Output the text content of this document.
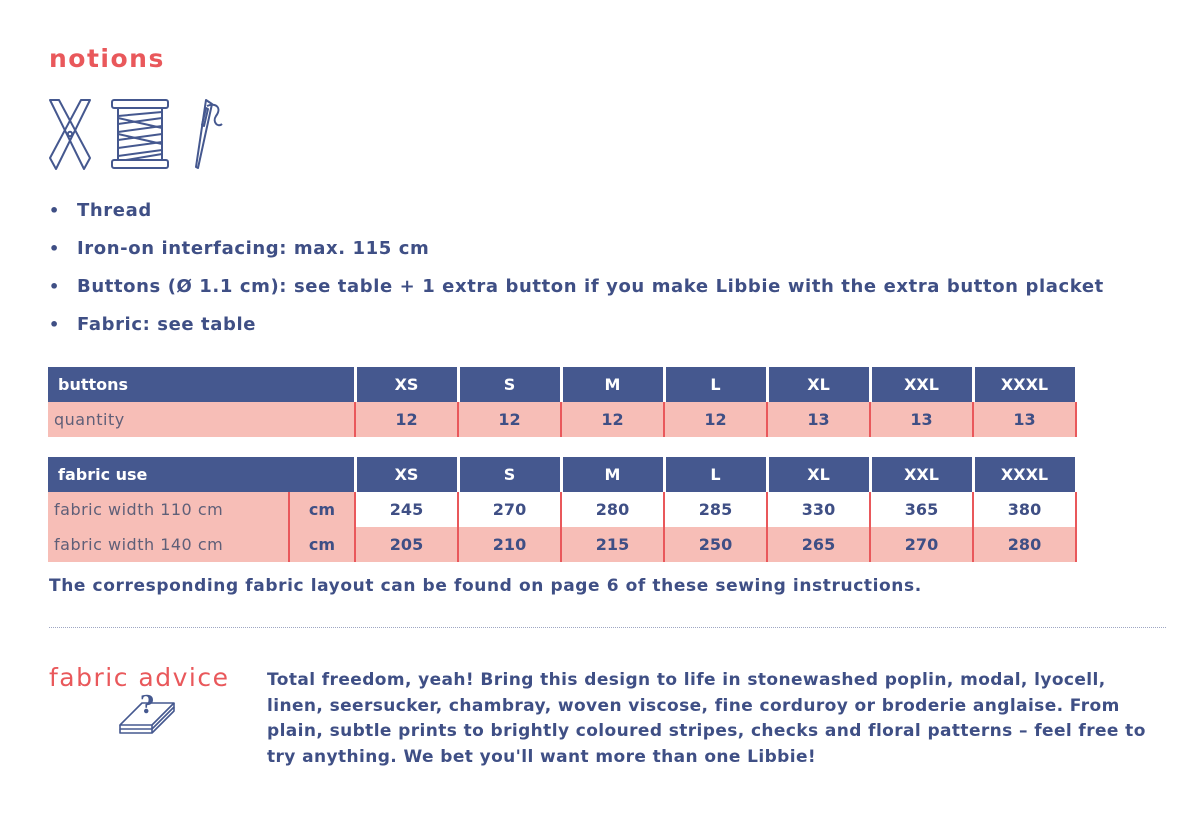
notions
• Thread
• Iron-on interfacing: max. 115 cm
• Buttons (Ø 1.1 cm): see table + 1 extra button if you make Libbie with the extra button placket
• Fabric: see table
buttons	XS	S	M	L	XL	XXL	XXXL
quantity	12	12	12	12	13	13	13
fabric use		XS	S	M	L	XL	XXL	XXXL
fabric width 110 cm	cm	245	270	280	285	330	365	380
fabric width 140 cm	cm	205	210	215	250	265	270	280

The corresponding fabric layout can be found on page 6 of these sewing instructions.

fabric advice
?

Total freedom, yeah! Bring this design to life in stonewashed poplin, modal, lyocell, linen, seersucker, chambray, woven viscose, fine corduroy or broderie anglaise. From plain, subtle prints to brightly coloured stripes, checks and floral patterns – feel free to try anything. We bet you'll want more than one Libbie!
